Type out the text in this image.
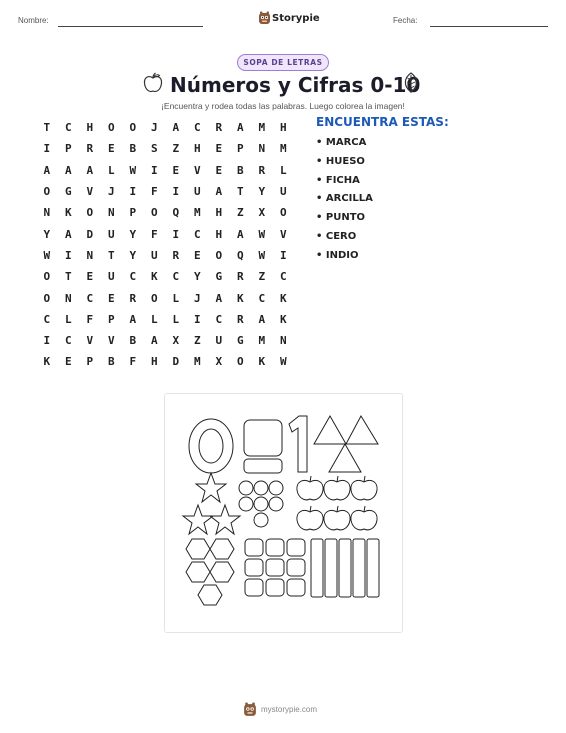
Nombre:	Storypie	Fecha:
SOPA DE LETRAS
Números y Cifras 0-10
¡Encuentra y rodea todas las palabras. Luego colorea la imagen!
T	C	H	O	O	J	A	C	R	A	M	H
I	P	R	E	B	S	Z	H	E	P	N	M
A	A	A	L	W	I	E	V	E	B	R	L
O	G	V	J	I	F	I	U	A	T	Y	U
N	K	O	N	P	O	Q	M	H	Z	X	O
Y	A	D	U	Y	F	I	C	H	A	W	V
W	I	N	T	Y	U	R	E	O	Q	W	I
O	T	E	U	C	K	C	Y	G	R	Z	C
O	N	C	E	R	O	L	J	A	K	C	K
C	L	F	P	A	L	L	I	C	R	A	K
I	C	V	V	B	A	X	Z	U	G	M	N
K	E	P	B	F	H	D	M	X	O	K	W
ENCUENTRA ESTAS:
• MARCA
• HUESO
• FICHA
• ARCILLA
• PUNTO
• CERO
• INDIO
mystorypie.com
